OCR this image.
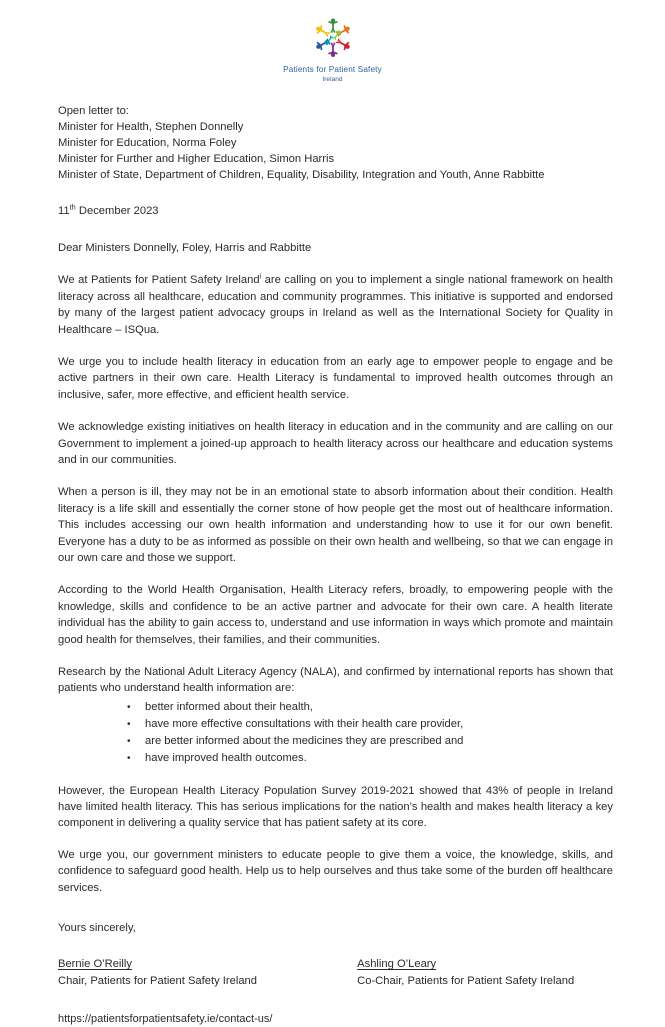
Patients for Patient Safety
Ireland
Open letter to:
Minister for Health, Stephen Donnelly
Minister for Education, Norma Foley
Minister for Further and Higher Education, Simon Harris
Minister of State, Department of Children, Equality, Disability, Integration and Youth, Anne Rabbitte
11th December 2023
Dear Ministers Donnelly, Foley, Harris and Rabbitte

We at Patients for Patient Safety Ireland$^i$ are calling on you to implement a single national framework on health literacy across all healthcare, education and community programmes. This initiative is supported and endorsed by many of the largest patient advocacy groups in Ireland as well as the International Society for Quality in Healthcare – ISQua.

We urge you to include health literacy in education from an early age to empower people to engage and be active partners in their own care. Health Literacy is fundamental to improved health outcomes through an inclusive, safer, more effective, and efficient health service.

We acknowledge existing initiatives on health literacy in education and in the community and are calling on our Government to implement a joined-up approach to health literacy across our healthcare and education systems and in our communities.

When a person is ill, they may not be in an emotional state to absorb information about their condition. Health literacy is a life skill and essentially the corner stone of how people get the most out of healthcare information. This includes accessing our own health information and understanding how to use it for our own benefit. Everyone has a duty to be as informed as possible on their own health and wellbeing, so that we can engage in our own care and those we support.

According to the World Health Organisation, Health Literacy refers, broadly, to empowering people with the knowledge, skills and confidence to be an active partner and advocate for their own care. A health literate individual has the ability to gain access to, understand and use information in ways which promote and maintain good health for themselves, their families, and their communities.

Research by the National Adult Literacy Agency (NALA), and confirmed by international reports has shown that patients who understand health information are:

• better informed about their health,
• have more effective consultations with their health care provider,
• are better informed about the medicines they are prescribed and
• have improved health outcomes.

However, the European Health Literacy Population Survey 2019-2021 showed that 43% of people in Ireland have limited health literacy. This has serious implications for the nation’s health and makes health literacy a key component in delivering a quality service that has patient safety at its core.

We urge you, our government ministers to educate people to give them a voice, the knowledge, skills, and confidence to safeguard good health. Help us to help ourselves and thus take some of the burden off healthcare services.

Yours sincerely,
Bernie O’Reilly
Chair, Patients for Patient Safety Ireland
Ashling O’Leary
Co-Chair, Patients for Patient Safety Ireland
https://patientsforpatientsafety.ie/contact-us/
